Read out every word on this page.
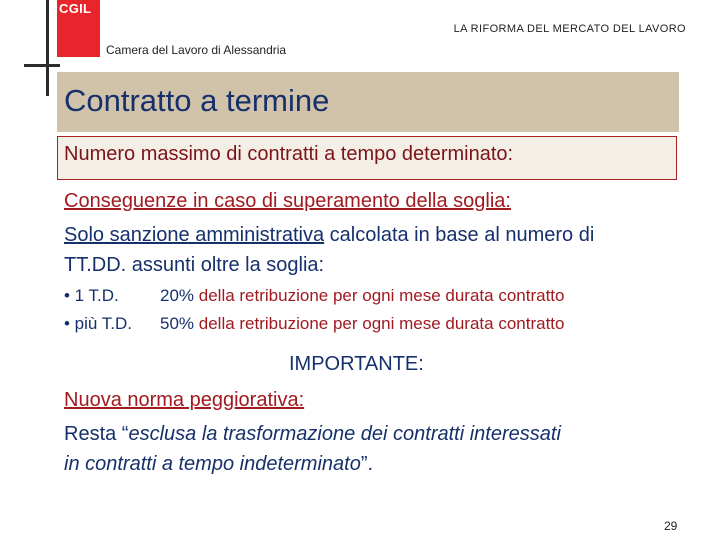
CGIL
Camera del Lavoro di Alessandria
LA RIFORMA DEL MERCATO DEL LAVORO
Contratto a termine
Numero massimo di contratti a tempo determinato:
Conseguenze in caso di superamento della soglia:
Solo sanzione amministrativa calcolata in base al numero di
TT.DD. assunti oltre la soglia:
• 1 T.D. 20% della retribuzione per ogni mese durata contratto
• più T.D. 50% della retribuzione per ogni mese durata contratto
IMPORTANTE:
Nuova norma peggiorativa:
Resta “esclusa la trasformazione dei contratti interessati
in contratti a tempo indeterminato”.
29
